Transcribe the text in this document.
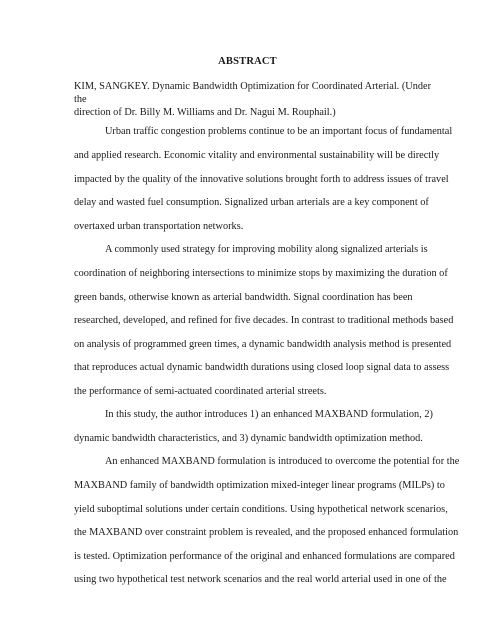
ABSTRACT
KIM, SANGKEY. Dynamic Bandwidth Optimization for Coordinated Arterial. (Under the
direction of Dr. Billy M. Williams and Dr. Nagui M. Rouphail.)
Urban traffic congestion problems continue to be an important focus of fundamental
and applied research. Economic vitality and environmental sustainability will be directly
impacted by the quality of the innovative solutions brought forth to address issues of travel
delay and wasted fuel consumption. Signalized urban arterials are a key component of
overtaxed urban transportation networks.
A commonly used strategy for improving mobility along signalized arterials is
coordination of neighboring intersections to minimize stops by maximizing the duration of
green bands, otherwise known as arterial bandwidth. Signal coordination has been
researched, developed, and refined for five decades. In contrast to traditional methods based
on analysis of programmed green times, a dynamic bandwidth analysis method is presented
that reproduces actual dynamic bandwidth durations using closed loop signal data to assess
the performance of semi-actuated coordinated arterial streets.
In this study, the author introduces 1) an enhanced MAXBAND formulation, 2)
dynamic bandwidth characteristics, and 3) dynamic bandwidth optimization method.
An enhanced MAXBAND formulation is introduced to overcome the potential for the
MAXBAND family of bandwidth optimization mixed-integer linear programs (MILPs) to
yield suboptimal solutions under certain conditions. Using hypothetical network scenarios,
the MAXBAND over constraint problem is revealed, and the proposed enhanced formulation
is tested. Optimization performance of the original and enhanced formulations are compared
using two hypothetical test network scenarios and the real world arterial used in one of the
